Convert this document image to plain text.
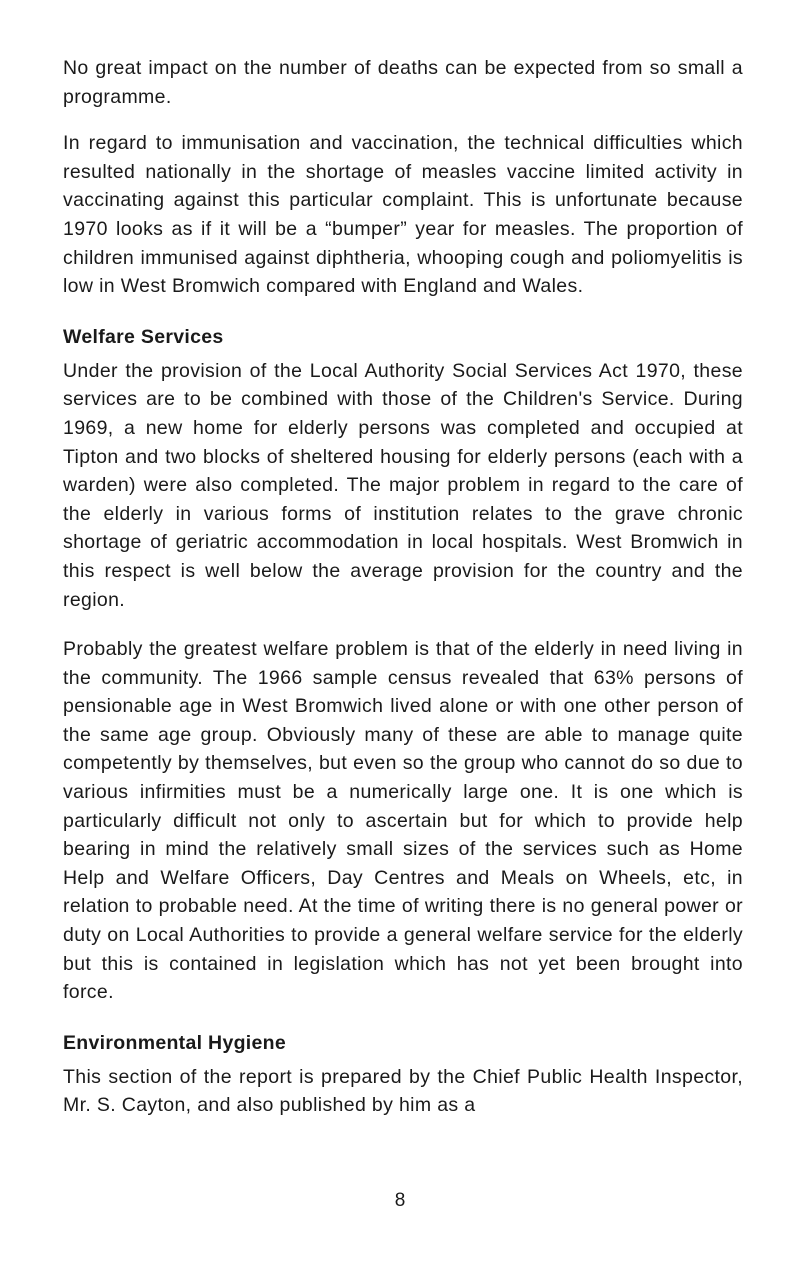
No great impact on the number of deaths can be expected from so small a programme.

In regard to immunisation and vaccination, the technical difficulties which resulted nationally in the shortage of measles vaccine limited activity in vaccinating against this particular complaint. This is unfortunate because 1970 looks as if it will be a “bumper” year for measles. The proportion of children immunised against diphtheria, whooping cough and poliomyelitis is low in West Bromwich compared with England and Wales.

Welfare Services

Under the provision of the Local Authority Social Services Act 1970, these services are to be combined with those of the Children's Service. During 1969, a new home for elderly persons was completed and occupied at Tipton and two blocks of sheltered housing for elderly persons (each with a warden) were also completed. The major problem in regard to the care of the elderly in various forms of institution relates to the grave chronic shortage of geriatric accommodation in local hospitals. West Bromwich in this respect is well below the average provision for the country and the region.

Probably the greatest welfare problem is that of the elderly in need living in the community. The 1966 sample census revealed that 63% persons of pensionable age in West Bromwich lived alone or with one other person of the same age group. Obviously many of these are able to manage quite competently by themselves, but even so the group who cannot do so due to various infirmities must be a numerically large one. It is one which is particularly difficult not only to ascertain but for which to provide help bearing in mind the relatively small sizes of the services such as Home Help and Welfare Officers, Day Centres and Meals on Wheels, etc, in relation to probable need. At the time of writing there is no general power or duty on Local Authorities to provide a general welfare service for the elderly but this is contained in legislation which has not yet been brought into force.

Environmental Hygiene

This section of the report is prepared by the Chief Public Health Inspector, Mr. S. Cayton, and also published by him as a

8
